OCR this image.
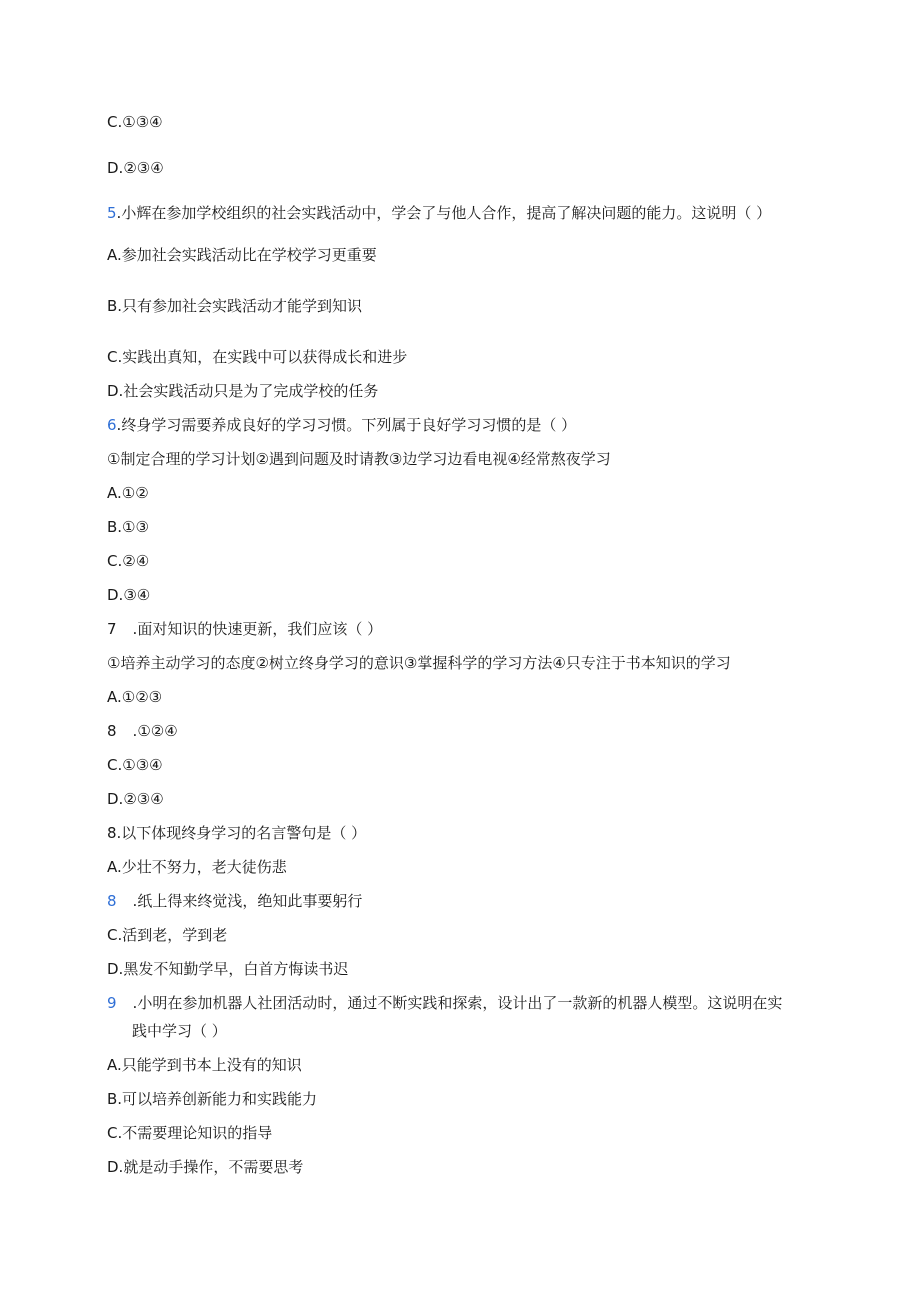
C.①③④
D.②③④
5.小辉在参加学校组织的社会实践活动中，学会了与他人合作，提高了解决问题的能力。这说明（ ）
A.参加社会实践活动比在学校学习更重要
B.只有参加社会实践活动才能学到知识
C.实践出真知，在实践中可以获得成长和进步
D.社会实践活动只是为了完成学校的任务
6.终身学习需要养成良好的学习习惯。下列属于良好学习习惯的是（ ）
①制定合理的学习计划②遇到问题及时请教③边学习边看电视④经常熬夜学习
A.①②
B.①③
C.②④
D.③④
7 .面对知识的快速更新，我们应该（ ）
①培养主动学习的态度②树立终身学习的意识③掌握科学的学习方法④只专注于书本知识的学习
A.①②③
8 .①②④
C.①③④
D.②③④
8.以下体现终身学习的名言警句是（ ）
A.少壮不努力，老大徒伤悲
8 .纸上得来终觉浅，绝知此事要躬行
C.活到老，学到老
D.黑发不知勤学早，白首方悔读书迟
9 .小明在参加机器人社团活动时，通过不断实践和探索，设计出了一款新的机器人模型。这说明在实
践中学习（ ）
A.只能学到书本上没有的知识
B.可以培养创新能力和实践能力
C.不需要理论知识的指导
D.就是动手操作，不需要思考
